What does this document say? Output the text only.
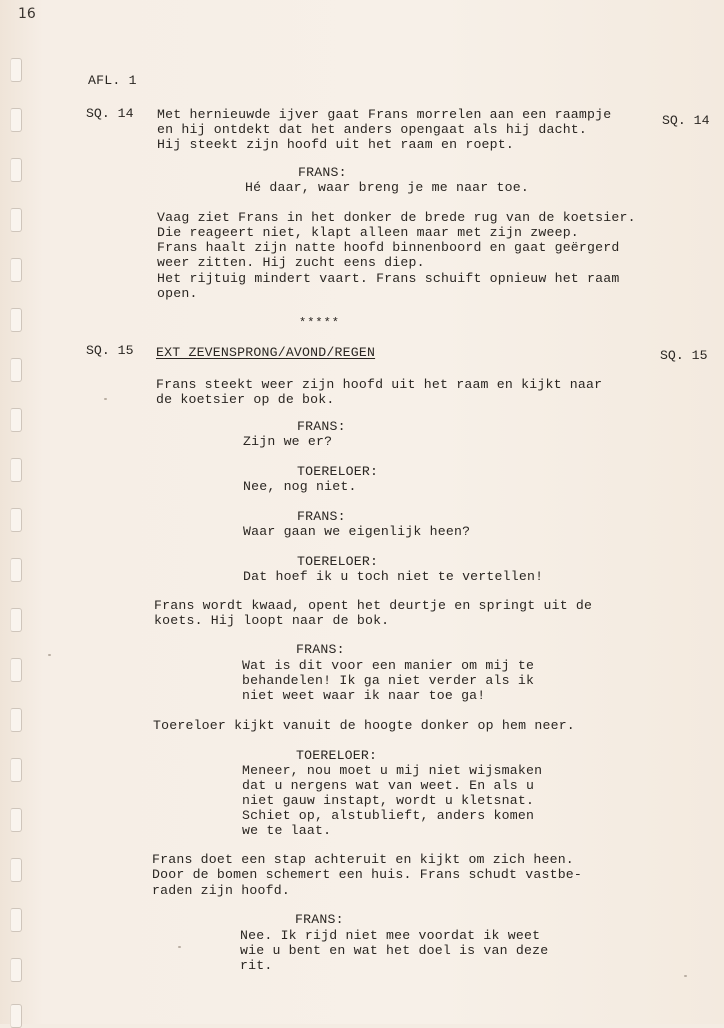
16
AFL. 1
SQ. 14	SQ. 14
Met hernieuwde ijver gaat Frans morrelen aan een raampje
en hij ontdekt dat het anders opengaat als hij dacht.
Hij steekt zijn hoofd uit het raam en roept.
FRANS:
Hé daar, waar breng je me naar toe.
Vaag ziet Frans in het donker de brede rug van de koetsier.
Die reageert niet, klapt alleen maar met zijn zweep.
Frans haalt zijn natte hoofd binnenboord en gaat geërgerd
weer zitten. Hij zucht eens diep.
Het rijtuig mindert vaart. Frans schuift opnieuw het raam
open.
*****
SQ. 15 EXT ZEVENSPRONG/AVOND/REGEN	SQ. 15
Frans steekt weer zijn hoofd uit het raam en kijkt naar
de koetsier op de bok.
FRANS:
Zijn we er?
TOERELOER:
Nee, nog niet.
FRANS:
Waar gaan we eigenlijk heen?
TOERELOER:
Dat hoef ik u toch niet te vertellen!
Frans wordt kwaad, opent het deurtje en springt uit de
koets. Hij loopt naar de bok.
FRANS:
Wat is dit voor een manier om mij te
behandelen! Ik ga niet verder als ik
niet weet waar ik naar toe ga!
Toereloer kijkt vanuit de hoogte donker op hem neer.
TOERELOER:
Meneer, nou moet u mij niet wijsmaken
dat u nergens wat van weet. En als u
niet gauw instapt, wordt u kletsnat.
Schiet op, alstublieft, anders komen
we te laat.
Frans doet een stap achteruit en kijkt om zich heen.
Door de bomen schemert een huis. Frans schudt vastbe-
raden zijn hoofd.
FRANS:
Nee. Ik rijd niet mee voordat ik weet
wie u bent en wat het doel is van deze
rit.
